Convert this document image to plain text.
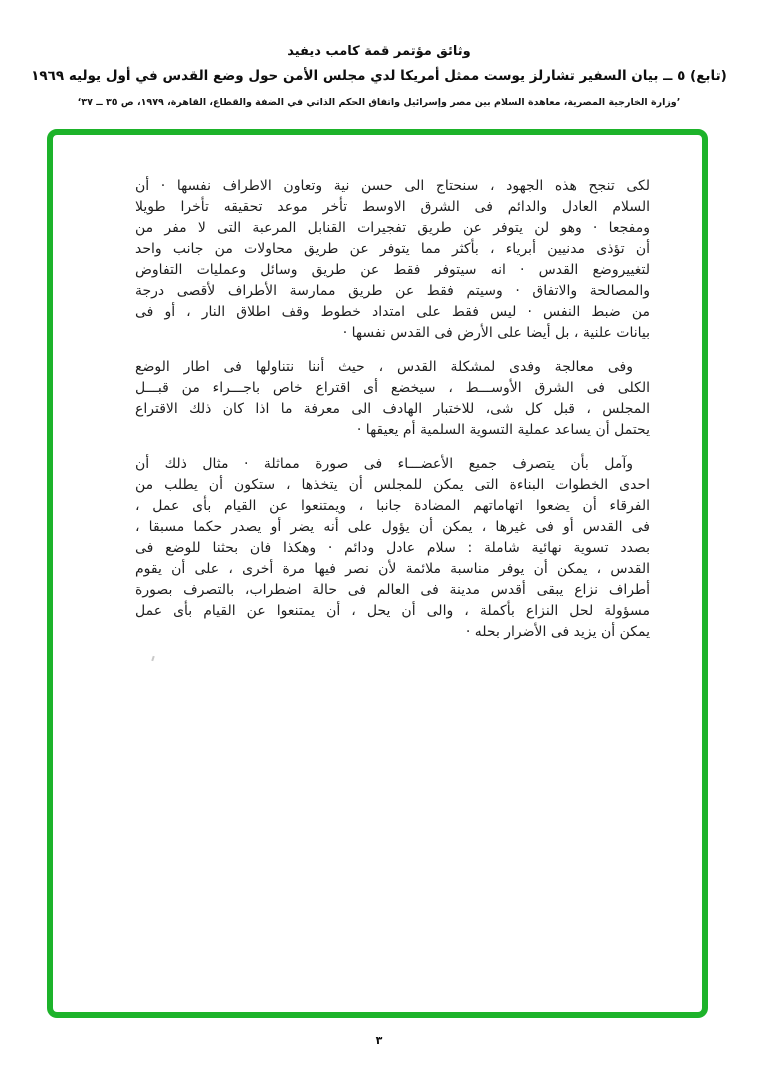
وثائق مؤتمر قمة كامب ديفيد
(تابع) ٥ ــ بيان السفير تشارلز يوست ممثل أمريكا لدي مجلس الأمن حول وضع القدس في أول يوليه ١٩٦٩
’وزارة الخارجية المصرية، معاهدة السلام بين مصر وإسرائيل واتفاق الحكم الذاتي في الضفة والقطاع، القاهرة، ١٩٧٩، ص ٣٥ ــ ٣٧‘

لكى تنجح هذه الجهود ، سنحتاج الى حسن نية وتعاون الاطراف نفسها · أن
السلام العادل والدائم فى الشرق الاوسط تأخر موعد تحقيقه تأخرا طويلا
ومفجعا · وهو لن يتوفر عن طريق تفجيرات القنابل المرعبة التى لا مفر من
أن تؤذى مدنيين أبرياء ، بأكثر مما يتوفر عن طريق محاولات من جانب واحد
لتغييروضع القدس · انه سيتوفر فقط عن طريق وسائل وعمليات التفاوض
والمصالحة والاتفاق · وسيتم فقط عن طريق ممارسة الأطراف لأقصى درجة
من ضبط النفس · ليس فقط على امتداد خطوط وقف اطلاق النار ، أو فى
بيانات علنية ، بل أيضا على الأرض فى القدس نفسها ·

وفى معالجة وفدى لمشكلة القدس ، حيث أننا نتناولها فى اطار الوضع
الكلى فى الشرق الأوســـط ، سيخضع أى اقتراع خاص باجـــراء من قبـــل
المجلس ، قبل كل شى، للاختبار الهادف الى معرفة ما اذا كان ذلك الاقتراع
يحتمل أن يساعد عملية التسوية السلمية أم يعيقها ·

وآمل بأن يتصرف جميع الأعضـــاء فى صورة مماثلة · مثال ذلك أن
احدى الخطوات البناءة التى يمكن للمجلس أن يتخذها ، ستكون أن يطلب من
الفرقاء أن يضعوا اتهاماتهم المضادة جانبا ، ويمتنعوا عن القيام بأى عمل ،
فى القدس أو فى غيرها ، يمكن أن يؤول على أنه يضر أو يصدر حكما مسبقا ،
بصدد تسوية نهائية شاملة : سلام عادل ودائم · وهكذا فان بحثنا للوضع فى
القدس ، يمكن أن يوفر مناسبة ملائمة لأن نصر فيها مرة أخرى ، على أن يقوم
أطراف نزاع يبقى أقدس مدينة فى العالم فى حالة اضطراب، بالتصرف بصورة
مسؤولة لحل النزاع بأكملة ، والى أن يحل ، أن يمتنعوا عن القيام بأى عمل
يمكن أن يزيد فى الأضرار بحله ·

٣
